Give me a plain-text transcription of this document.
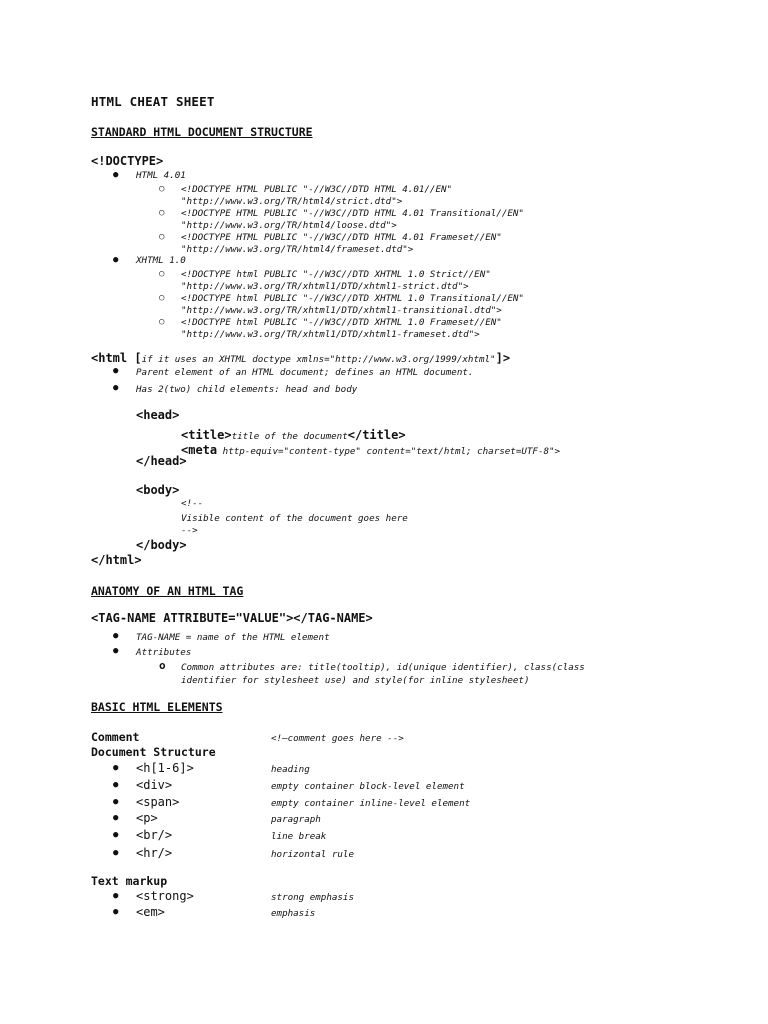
HTML CHEAT SHEET
STANDARD HTML DOCUMENT STRUCTURE
<!DOCTYPE>
● HTML 4.01
○ <!DOCTYPE HTML PUBLIC "-//W3C//DTD HTML 4.01//EN"
"http://www.w3.org/TR/html4/strict.dtd">
○ <!DOCTYPE HTML PUBLIC "-//W3C//DTD HTML 4.01 Transitional//EN"
"http://www.w3.org/TR/html4/loose.dtd">
○ <!DOCTYPE HTML PUBLIC "-//W3C//DTD HTML 4.01 Frameset//EN"
"http://www.w3.org/TR/html4/frameset.dtd">
● XHTML 1.0
○ <!DOCTYPE html PUBLIC "-//W3C//DTD XHTML 1.0 Strict//EN"
"http://www.w3.org/TR/xhtml1/DTD/xhtml1-strict.dtd">
○ <!DOCTYPE html PUBLIC "-//W3C//DTD XHTML 1.0 Transitional//EN"
"http://www.w3.org/TR/xhtml1/DTD/xhtml1-transitional.dtd">
○ <!DOCTYPE html PUBLIC "-//W3C//DTD XHTML 1.0 Frameset//EN"
"http://www.w3.org/TR/xhtml1/DTD/xhtml1-frameset.dtd">
<html [if it uses an XHTML doctype xmlns="http://www.w3.org/1999/xhtml"]>
● Parent element of an HTML document; defines an HTML document.
● Has 2(two) child elements: head and body
<head>
<title>title of the document</title>
<meta http-equiv="content-type" content="text/html; charset=UTF-8">
</head>
<body>
<!--
Visible content of the document goes here
-->
</body>
</html>
ANATOMY OF AN HTML TAG
<TAG-NAME ATTRIBUTE="VALUE"></TAG-NAME>
● TAG-NAME = name of the HTML element
● Attributes
o Common attributes are: title(tooltip), id(unique identifier), class(class
identifier for stylesheet use) and style(for inline stylesheet)
BASIC HTML ELEMENTS
Comment	<!—comment goes here -->
Document Structure
● <h[1-6]>	heading
● <div>	empty container block-level element
● <span>	empty container inline-level element
● <p>	paragraph
● <br/>	line break
● <hr/>	horizontal rule
Text markup
● <strong>	strong emphasis
● <em>	emphasis
